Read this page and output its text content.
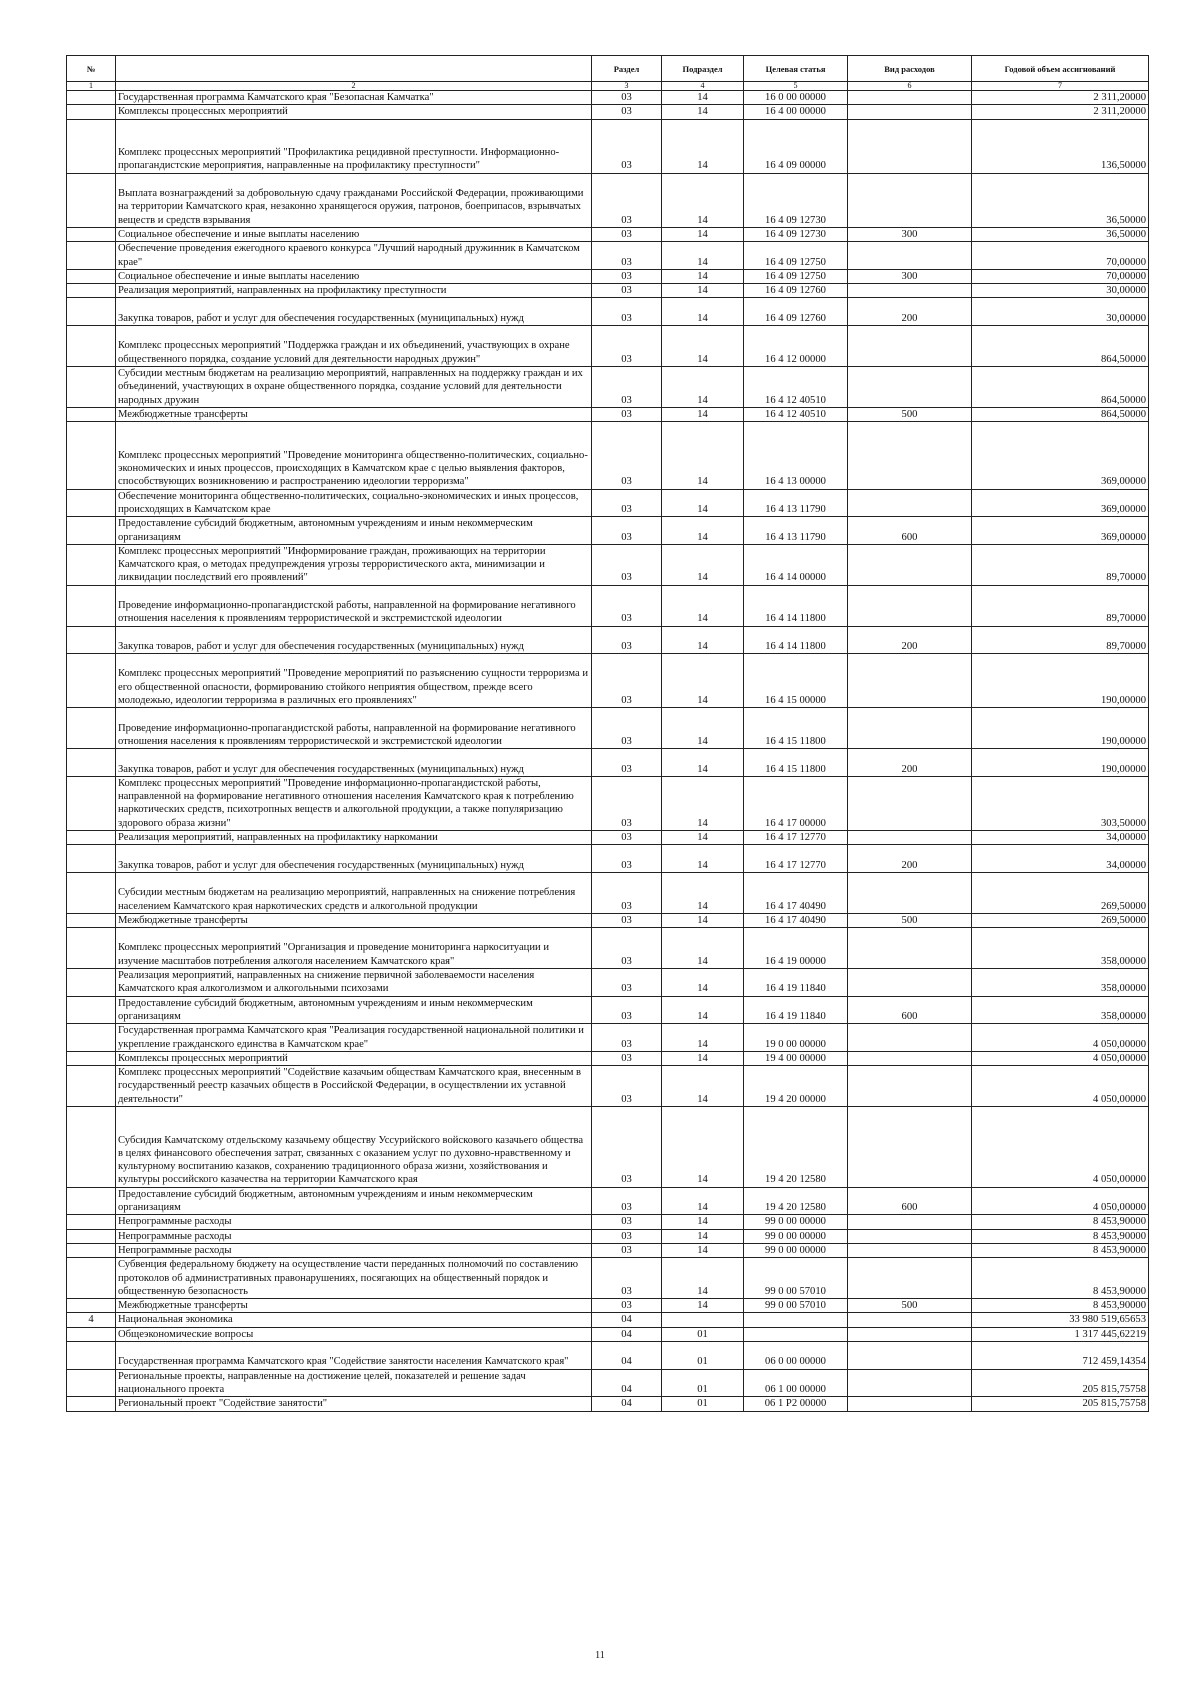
№		Раздел	Подраздел	Целевая статья	Вид расходов	Годовой объем ассигнований
1	2	3	4	5	6	7
	Государственная программа Камчатского края "Безопасная Камчатка"	03	14	16 0 00 00000		2 311,20000
	Комплексы процессных мероприятий	03	14	16 4 00 00000		2 311,20000
	Комплекс процессных мероприятий "Профилактика рецидивной преступности. Информационно-пропагандистские мероприятия, направленные на профилактику преступности"	03	14	16 4 09 00000		136,50000
	Выплата вознаграждений за добровольную сдачу гражданами Российской Федерации, проживающими на территории Камчатского края, незаконно хранящегося оружия, патронов, боеприпасов, взрывчатых веществ и средств взрывания	03	14	16 4 09 12730		36,50000
	Социальное обеспечение и иные выплаты населению	03	14	16 4 09 12730	300	36,50000
	Обеспечение проведения ежегодного краевого конкурса "Лучший народный дружинник в Камчатском крае"	03	14	16 4 09 12750		70,00000
	Социальное обеспечение и иные выплаты населению	03	14	16 4 09 12750	300	70,00000
	Реализация мероприятий, направленных на профилактику преступности	03	14	16 4 09 12760		30,00000
	Закупка товаров, работ и услуг для обеспечения государственных (муниципальных) нужд	03	14	16 4 09 12760	200	30,00000
	Комплекс процессных мероприятий "Поддержка граждан и их объединений, участвующих в охране общественного порядка, создание условий для деятельности народных дружин"	03	14	16 4 12 00000		864,50000
	Субсидии местным бюджетам на реализацию мероприятий, направленных на поддержку граждан и их объединений, участвующих в охране общественного порядка, создание условий для деятельности народных дружин	03	14	16 4 12 40510		864,50000
	Межбюджетные трансферты	03	14	16 4 12 40510	500	864,50000
	Комплекс процессных мероприятий "Проведение мониторинга общественно-политических, социально-экономических и иных процессов, происходящих в Камчатском крае с целью выявления факторов, способствующих возникновению и распространению идеологии терроризма"	03	14	16 4 13 00000		369,00000
	Обеспечение мониторинга общественно-политических, социально-экономических и иных процессов, происходящих в Камчатском крае	03	14	16 4 13 11790		369,00000
	Предоставление субсидий бюджетным, автономным учреждениям и иным некоммерческим организациям	03	14	16 4 13 11790	600	369,00000
	Комплекс процессных мероприятий "Информирование граждан, проживающих на территории Камчатского края, о методах предупреждения угрозы террористического акта, минимизации и ликвидации последствий его проявлений"	03	14	16 4 14 00000		89,70000
	Проведение информационно-пропагандистской работы, направленной на формирование негативного отношения населения к проявлениям террористической и экстремистской идеологии	03	14	16 4 14 11800		89,70000
	Закупка товаров, работ и услуг для обеспечения государственных (муниципальных) нужд	03	14	16 4 14 11800	200	89,70000
	Комплекс процессных мероприятий "Проведение мероприятий по разъяснению сущности терроризма и его общественной опасности, формированию стойкого неприятия обществом, прежде всего молодежью, идеологии терроризма в различных его проявлениях"	03	14	16 4 15 00000		190,00000
	Проведение информационно-пропагандистской работы, направленной на формирование негативного отношения населения к проявлениям террористической и экстремистской идеологии	03	14	16 4 15 11800		190,00000
	Закупка товаров, работ и услуг для обеспечения государственных (муниципальных) нужд	03	14	16 4 15 11800	200	190,00000
	Комплекс процессных мероприятий "Проведение информационно-пропагандистской работы, направленной на формирование негативного отношения населения Камчатского края к потреблению наркотических средств, психотропных веществ и алкогольной продукции, а также популяризацию здорового образа жизни"	03	14	16 4 17 00000		303,50000
	Реализация мероприятий, направленных на профилактику наркомании	03	14	16 4 17 12770		34,00000
	Закупка товаров, работ и услуг для обеспечения государственных (муниципальных) нужд	03	14	16 4 17 12770	200	34,00000
	Субсидии местным бюджетам на реализацию мероприятий, направленных на снижение потребления населением Камчатского края наркотических средств и алкогольной продукции	03	14	16 4 17 40490		269,50000
	Межбюджетные трансферты	03	14	16 4 17 40490	500	269,50000
	Комплекс процессных мероприятий "Организация и проведение мониторинга наркоситуации и изучение масштабов потребления алкоголя населением Камчатского края"	03	14	16 4 19 00000		358,00000
	Реализация мероприятий, направленных на снижение первичной заболеваемости населения Камчатского края алкоголизмом и алкогольными психозами	03	14	16 4 19 11840		358,00000
	Предоставление субсидий бюджетным, автономным учреждениям и иным некоммерческим организациям	03	14	16 4 19 11840	600	358,00000
	Государственная программа Камчатского края "Реализация государственной национальной политики и укрепление гражданского единства в Камчатском крае"	03	14	19 0 00 00000		4 050,00000
	Комплексы процессных мероприятий	03	14	19 4 00 00000		4 050,00000
	Комплекс процессных мероприятий "Содействие казачьим обществам Камчатского края, внесенным в государственный реестр казачьих обществ в Российской Федерации, в осуществлении их уставной деятельности"	03	14	19 4 20 00000		4 050,00000
	Субсидия Камчатскому отдельскому казачьему обществу Уссурийского войскового казачьего общества в целях финансового обеспечения затрат, связанных с оказанием услуг по духовно-нравственному и культурному воспитанию казаков, сохранению традиционного образа жизни, хозяйствования и культуры российского казачества на территории Камчатского края	03	14	19 4 20 12580		4 050,00000
	Предоставление субсидий бюджетным, автономным учреждениям и иным некоммерческим организациям	03	14	19 4 20 12580	600	4 050,00000
	Непрограммные расходы	03	14	99 0 00 00000		8 453,90000
	Непрограммные расходы	03	14	99 0 00 00000		8 453,90000
	Непрограммные расходы	03	14	99 0 00 00000		8 453,90000
	Субвенция федеральному бюджету на осуществление части переданных полномочий по составлению протоколов об административных правонарушениях, посягающих на общественный порядок и общественную безопасность	03	14	99 0 00 57010		8 453,90000
	Межбюджетные трансферты	03	14	99 0 00 57010	500	8 453,90000
4	Национальная экономика	04				33 980 519,65653
	Общеэкономические вопросы	04	01			1 317 445,62219
	Государственная программа Камчатского края "Содействие занятости населения Камчатского края"	04	01	06 0 00 00000		712 459,14354
	Региональные проекты, направленные на достижение целей, показателей и решение задач национального проекта	04	01	06 1 00 00000		205 815,75758
	Региональный проект "Содействие занятости"	04	01	06 1 P2 00000		205 815,75758
11
